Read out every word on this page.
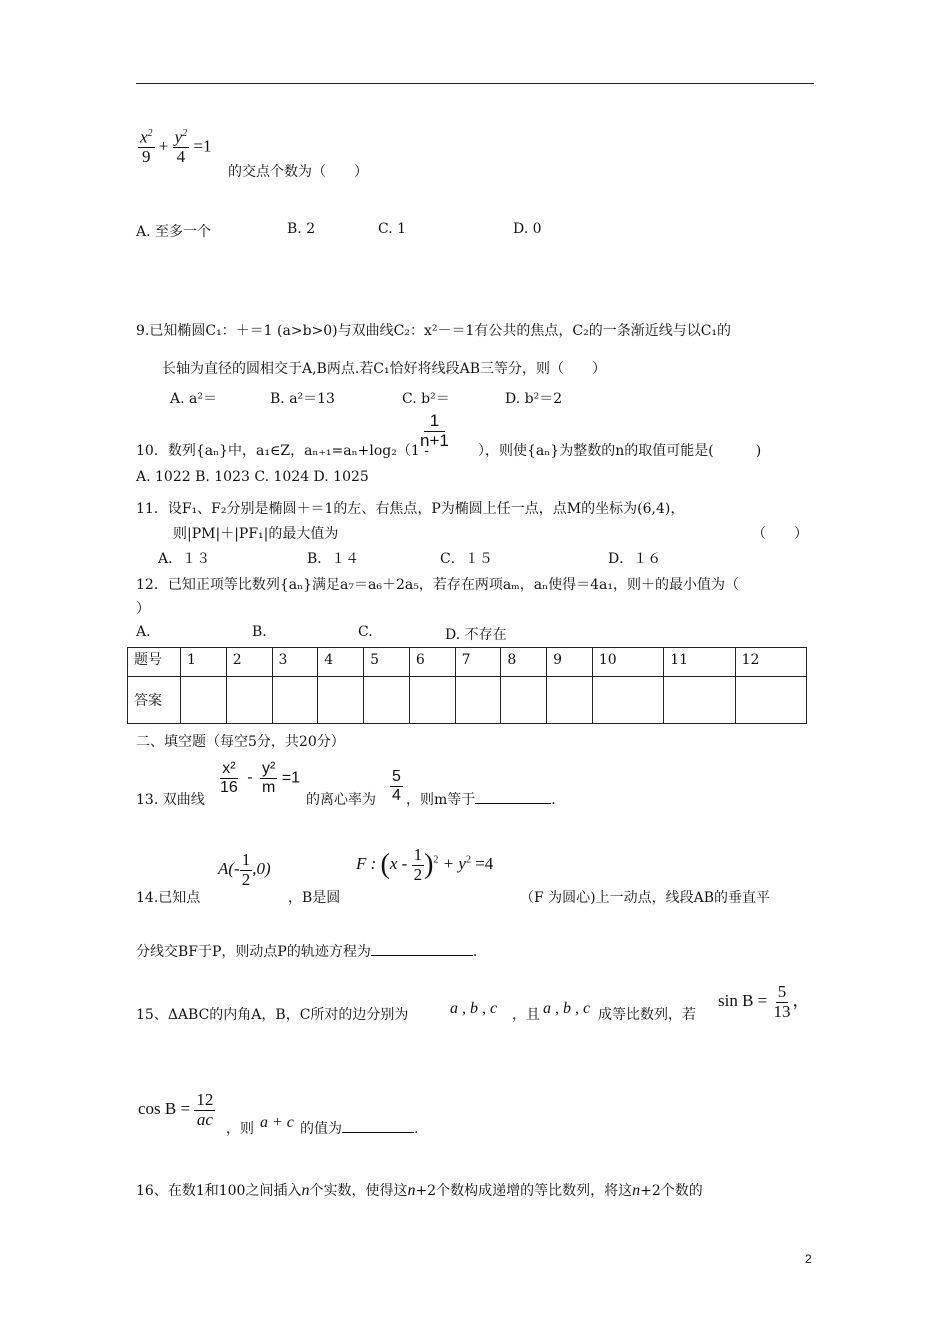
$\frac{x^2}{9} + \frac{y^2}{4} =1$
的交点个数为（　　）
A. 至多一个	B. 2	C. 1	D. 0
9.已知椭圆C₁：＋＝1 (a>b>0)与双曲线C₂：x²－＝1有公共的焦点，C₂的一条渐近线与以C₁的
长轴为直径的圆相交于A,B两点.若C₁恰好将线段AB三等分，则（　　）
A. a²＝	B. a²＝13	C. b²＝	D. b²＝2
10．数列{aₙ}中，a₁∈Z，aₙ₊₁=aₙ+log₂（1 -
$\frac{1}{n+1}$
），则使{aₙ}为整数的n的取值可能是(　　　)
A. 1022 B. 1023 C. 1024 D. 1025
11．设F₁、F₂分别是椭圆＋＝1的左、右焦点，P为椭圆上任一点，点M的坐标为(6,4)，
则|PM|＋|PF₁|的最大值为	（　　）
A．１３	B．１４	C．１５	D．１６
12．已知正项等比数列{aₙ}满足a₇＝a₆＋2a₅，若存在两项aₘ，aₙ使得＝4a₁，则＋的最小值为（
）
A.	B.	C.	D. 不存在
题号	1	2	3	4	5	6	7	8	9	10	11	12
答案												
二、填空题（每空5分，共20分）
13. 双曲线
$\frac{\text{x²}}{16} - \frac{\text{y²}}{m} =1$
的离心率为 $\frac{5}{4}$ ，则m等于	.
14.已知点
$A(- \frac{1}{2} ,0)$
，B是圆
F : $(x - \frac{1}{2} )^2 + y^2 =4$
（F 为圆心)上一动点，线段AB的垂直平
分线交BF于P，则动点P的轨迹方程为	.
15、ΔABC的内角A，B，C所对的边分别为	a , b , c ，且 a , b , c 成等比数列，若
$\sin B = \frac{5}{13}$ ，
$\cos B = \frac{12}{ac}$ ，则 a + c 的值为	.
16、在数1和100之间插入n个实数，使得这n+2个数构成递增的等比数列，将这n+2个数的
2
